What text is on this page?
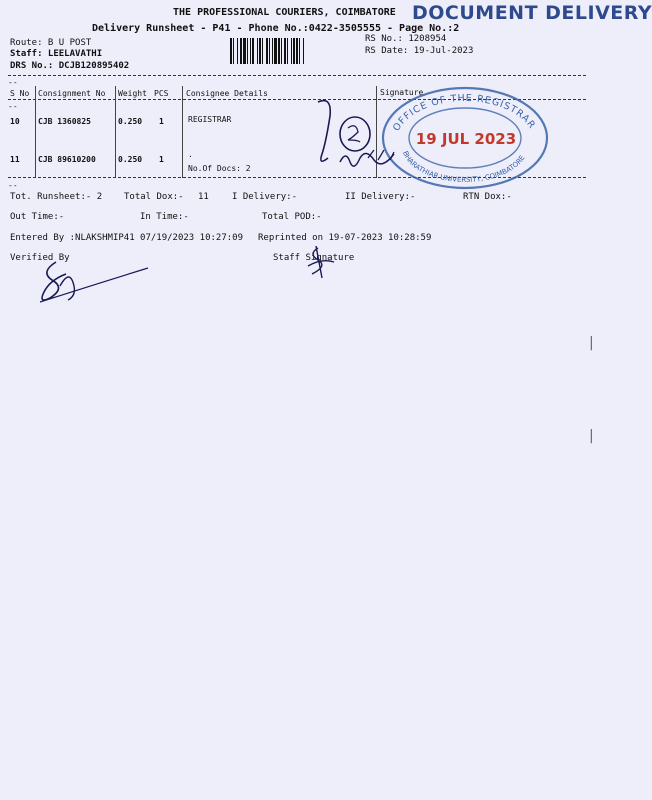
THE PROFESSIONAL COURIERS, COIMBATORE DOCUMENT DELIVERY
Delivery Runsheet - P41 - Phone No.:0422-3505555 - Page No.:2
Route: B U POST
Staff: LEELAVATHI
DRS No.: DCJB120895402
RS No.: 1208954
RS Date: 19-Jul-2023
--
S No Consignment No Weight PCS Consignee Details	Signature
--
10 CJB 1360825	0.250 1	REGISTRAR
11 CJB 89610200	0.250 1
.
No.Of Docs: 2
OFFICE OF THE REGISTRAR
BHARATHIAR UNIVERSITY, COIMBATORE
19 JUL 2023
--
Tot. Runsheet:- 2 Total Dox:- 11	I Delivery:-	II Delivery:-	RTN Dox:-
Out Time:-	In Time:-	Total POD:-
Entered By :NLAKSHMIP41 07/19/2023 10:27:09 Reprinted on 19-07-2023 10:28:59
Verified By	Staff Signature
|
|
